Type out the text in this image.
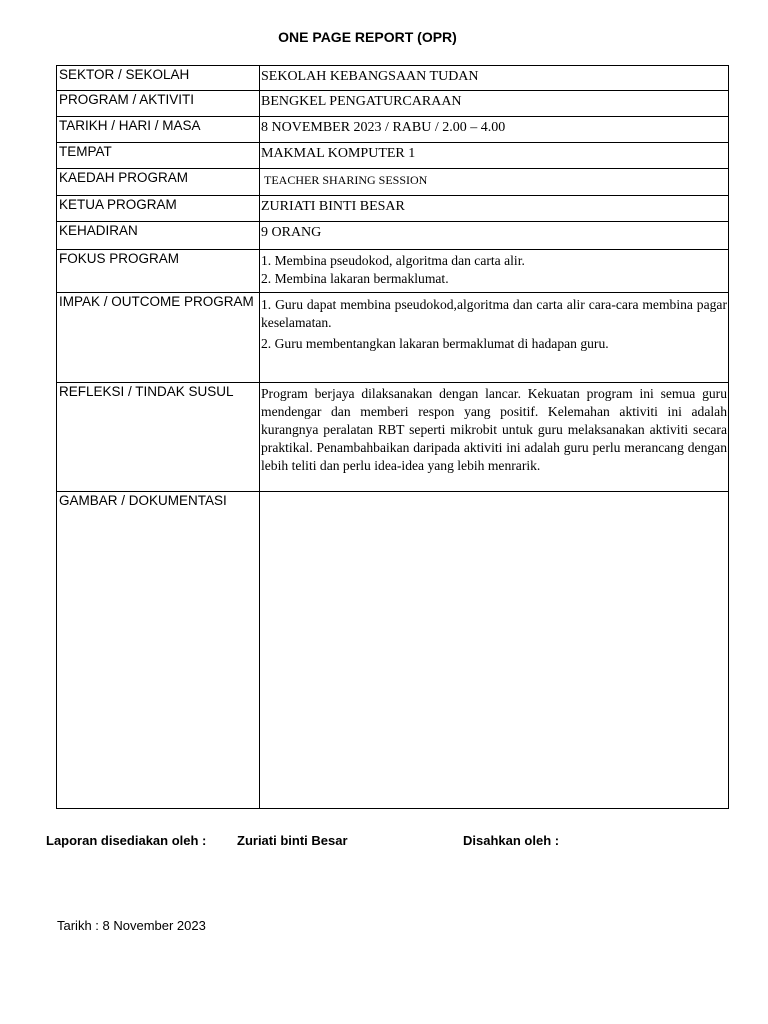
ONE PAGE REPORT (OPR)
SEKTOR / SEKOLAH	SEKOLAH KEBANGSAAN TUDAN
PROGRAM / AKTIVITI	BENGKEL PENGATURCARAAN
TARIKH / HARI / MASA	8 NOVEMBER 2023 / RABU / 2.00 – 4.00
TEMPAT	MAKMAL KOMPUTER 1
KAEDAH PROGRAM	TEACHER SHARING SESSION
KETUA PROGRAM	ZURIATI BINTI BESAR
KEHADIRAN	9 ORANG
FOKUS PROGRAM	1. Membina pseudokod, algoritma dan carta alir.
2. Membina lakaran bermaklumat.

IMPAK / OUTCOME PROGRAM	1. Guru dapat membina pseudokod,algoritma dan carta alir cara-cara membina pagar keselamatan.
2. Guru membentangkan lakaran bermaklumat di hadapan guru.

REFLEKSI / TINDAK SUSUL	Program berjaya dilaksanakan dengan lancar. Kekuatan program ini semua guru mendengar dan memberi respon yang positif. Kelemahan aktiviti ini adalah kurangnya peralatan RBT seperti mikrobit untuk guru melaksanakan aktiviti secara praktikal. Penambahbaikan daripada aktiviti ini adalah guru perlu merancang dengan lebih teliti dan perlu idea-idea yang lebih menrarik.

GAMBAR / DOKUMENTASI	
Laporan disediakan oleh : Zuriati binti Besar	Disahkan oleh :
Tarikh : 8 November 2023
